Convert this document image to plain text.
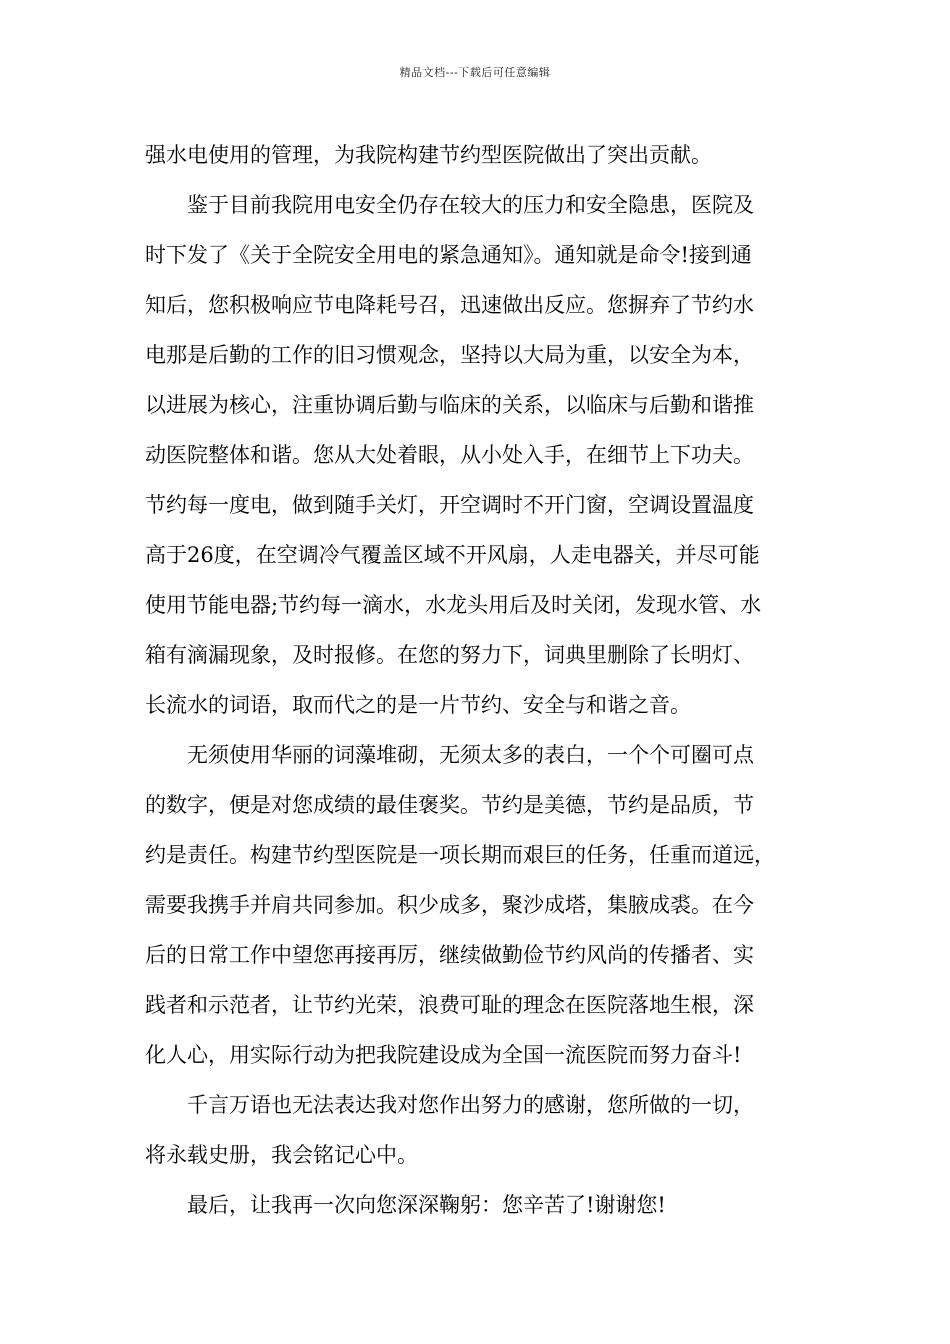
精品文档---下载后可任意编辑
强水电使用的管理，为我院构建节约型医院做出了突出贡献。
　　鉴于目前我院用电安全仍存在较大的压力和安全隐患，医院及
时下发了《关于全院安全用电的紧急通知》。通知就是命令!接到通
知后，您积极响应节电降耗号召，迅速做出反应。您摒弃了节约水
电那是后勤的工作的旧习惯观念，坚持以大局为重，以安全为本，
以进展为核心，注重协调后勤与临床的关系，以临床与后勤和谐推
动医院整体和谐。您从大处着眼，从小处入手，在细节上下功夫。
节约每一度电，做到随手关灯，开空调时不开门窗，空调设置温度
高于26度，在空调冷气覆盖区域不开风扇，人走电器关，并尽可能
使用节能电器;节约每一滴水，水龙头用后及时关闭，发现水管、水
箱有滴漏现象，及时报修。在您的努力下，词典里删除了长明灯、
长流水的词语，取而代之的是一片节约、安全与和谐之音。
　　无须使用华丽的词藻堆砌，无须太多的表白，一个个可圈可点
的数字，便是对您成绩的最佳褒奖。节约是美德，节约是品质，节
约是责任。构建节约型医院是一项长期而艰巨的任务，任重而道远，
需要我携手并肩共同参加。积少成多，聚沙成塔，集腋成裘。在今
后的日常工作中望您再接再厉，继续做勤俭节约风尚的传播者、实
践者和示范者，让节约光荣，浪费可耻的理念在医院落地生根，深
化人心，用实际行动为把我院建设成为全国一流医院而努力奋斗!
　　千言万语也无法表达我对您作出努力的感谢，您所做的一切，
将永载史册，我会铭记心中。
　　最后，让我再一次向您深深鞠躬：您辛苦了!谢谢您!
